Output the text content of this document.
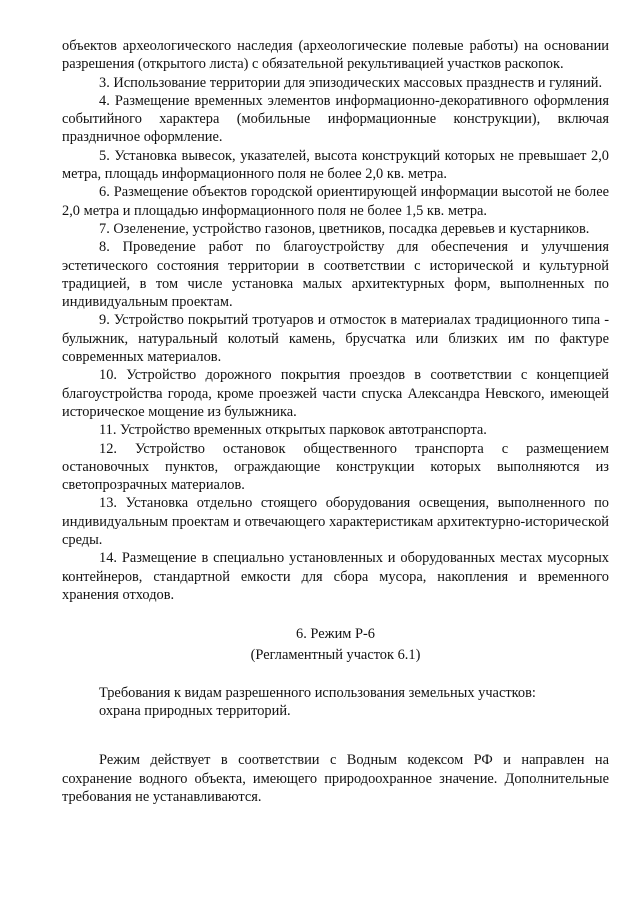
объектов археологического наследия (археологические полевые работы) на основании разрешения (открытого листа) с обязательной рекультивацией участков раскопок.

3. Использование территории для эпизодических массовых празднеств и гуляний.

4. Размещение временных элементов информационно-декоративного оформления событийного характера (мобильные информационные конструкции), включая праздничное оформление.

5. Установка вывесок, указателей, высота конструкций которых не превышает 2,0 метра, площадь информационного поля не более 2,0 кв. метра.

6. Размещение объектов городской ориентирующей информации высотой не более 2,0 метра и площадью информационного поля не более 1,5 кв. метра.

7. Озеленение, устройство газонов, цветников, посадка деревьев и кустарников.

8. Проведение работ по благоустройству для обеспечения и улучшения эстетического состояния территории в соответствии с исторической и культурной традицией, в том числе установка малых архитектурных форм, выполненных по индивидуальным проектам.

9. Устройство покрытий тротуаров и отмосток в материалах традиционного типа - булыжник, натуральный колотый камень, брусчатка или близких им по фактуре современных материалов.

10. Устройство дорожного покрытия проездов в соответствии с концепцией благоустройства города, кроме проезжей части спуска Александра Невского, имеющей историческое мощение из булыжника.

11. Устройство временных открытых парковок автотранспорта.

12. Устройство остановок общественного транспорта с размещением остановочных пунктов, ограждающие конструкции которых выполняются из светопрозрачных материалов.

13. Установка отдельно стоящего оборудования освещения, выполненного по индивидуальным проектам и отвечающего характеристикам архитектурно-исторической среды.

14. Размещение в специально установленных и оборудованных местах мусорных контейнеров, стандартной емкости для сбора мусора, накопления и временного хранения отходов.

6. Режим Р-6

(Регламентный участок 6.1)

Требования к видам разрешенного использования земельных участков:

охрана природных территорий.

Режим действует в соответствии с Водным кодексом РФ и направлен на сохранение водного объекта, имеющего природоохранное значение. Дополнительные требования не устанавливаются.
